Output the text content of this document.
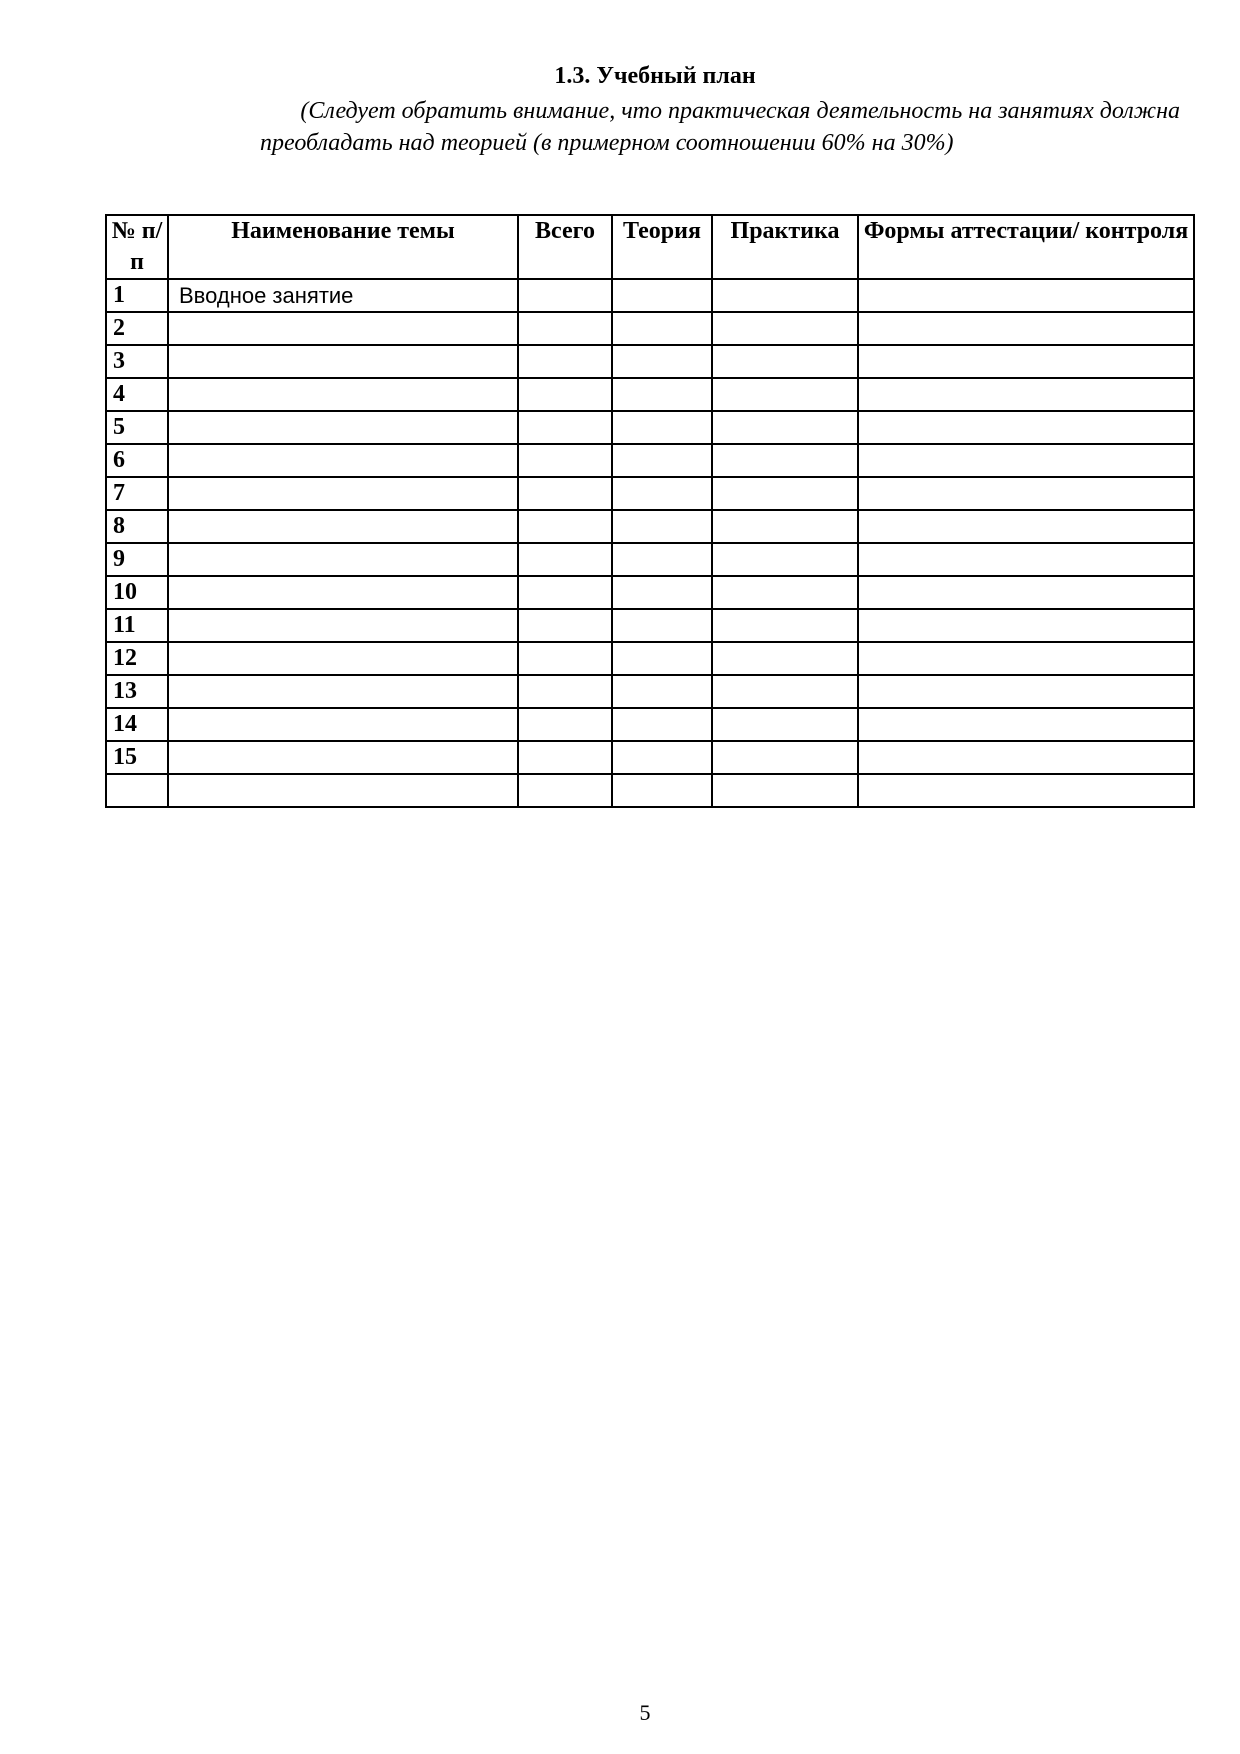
1.3. Учебный план
(Следует обратить внимание, что практическая деятельность на занятиях должна
преобладать над теорией (в примерном соотношении 60% на 30%)
№ п/п	Наименование темы	Всего	Теория	Практика	Формы аттестации/ контроля
1	Вводное занятие				
2					
3					
4					
5					
6					
7					
8					
9					
10					
11					
12					
13					
14					
15					

5
